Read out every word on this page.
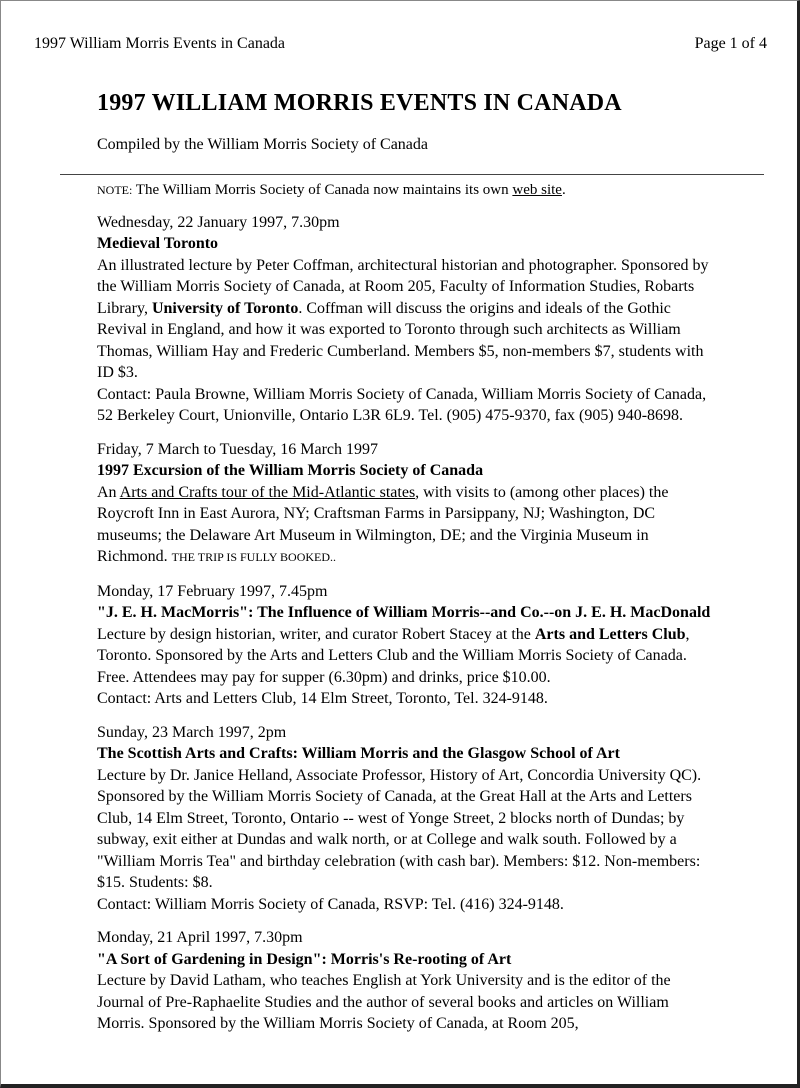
1997 William Morris Events in Canada	Page 1 of 4
1997 WILLIAM MORRIS EVENTS IN CANADA
Compiled by the William Morris Society of Canada

NOTE: The William Morris Society of Canada now maintains its own web site.

Wednesday, 22 January 1997, 7.30pm

Medieval Toronto

An illustrated lecture by Peter Coffman, architectural historian and photographer. Sponsored by the William Morris Society of Canada, at Room 205, Faculty of Information Studies, Robarts Library, University of Toronto. Coffman will discuss the origins and ideals of the Gothic Revival in England, and how it was exported to Toronto through such architects as William Thomas, William Hay and Frederic Cumberland. Members $5, non-members $7, students with ID $3.

Contact: Paula Browne, William Morris Society of Canada, William Morris Society of Canada, 52 Berkeley Court, Unionville, Ontario L3R 6L9. Tel. (905) 475-9370, fax (905) 940-8698.

Friday, 7 March to Tuesday, 16 March 1997

1997 Excursion of the William Morris Society of Canada

An Arts and Crafts tour of the Mid-Atlantic states, with visits to (among other places) the Roycroft Inn in East Aurora, NY; Craftsman Farms in Parsippany, NJ; Washington, DC museums; the Delaware Art Museum in Wilmington, DE; and the Virginia Museum in Richmond. THE TRIP IS FULLY BOOKED..

Monday, 17 February 1997, 7.45pm

"J. E. H. MacMorris": The Influence of William Morris--and Co.--on J. E. H. MacDonald

Lecture by design historian, writer, and curator Robert Stacey at the Arts and Letters Club, Toronto. Sponsored by the Arts and Letters Club and the William Morris Society of Canada. Free. Attendees may pay for supper (6.30pm) and drinks, price $10.00.

Contact: Arts and Letters Club, 14 Elm Street, Toronto, Tel. 324-9148.

Sunday, 23 March 1997, 2pm

The Scottish Arts and Crafts: William Morris and the Glasgow School of Art

Lecture by Dr. Janice Helland, Associate Professor, History of Art, Concordia University QC). Sponsored by the William Morris Society of Canada, at the Great Hall at the Arts and Letters Club, 14 Elm Street, Toronto, Ontario -- west of Yonge Street, 2 blocks north of Dundas; by subway, exit either at Dundas and walk north, or at College and walk south. Followed by a "William Morris Tea" and birthday celebration (with cash bar). Members: $12. Non-members: $15. Students: $8.

Contact: William Morris Society of Canada, RSVP: Tel. (416) 324-9148.

Monday, 21 April 1997, 7.30pm

"A Sort of Gardening in Design": Morris's Re-rooting of Art

Lecture by David Latham, who teaches English at York University and is the editor of the Journal of Pre-Raphaelite Studies and the author of several books and articles on William Morris. Sponsored by the William Morris Society of Canada, at Room 205,
